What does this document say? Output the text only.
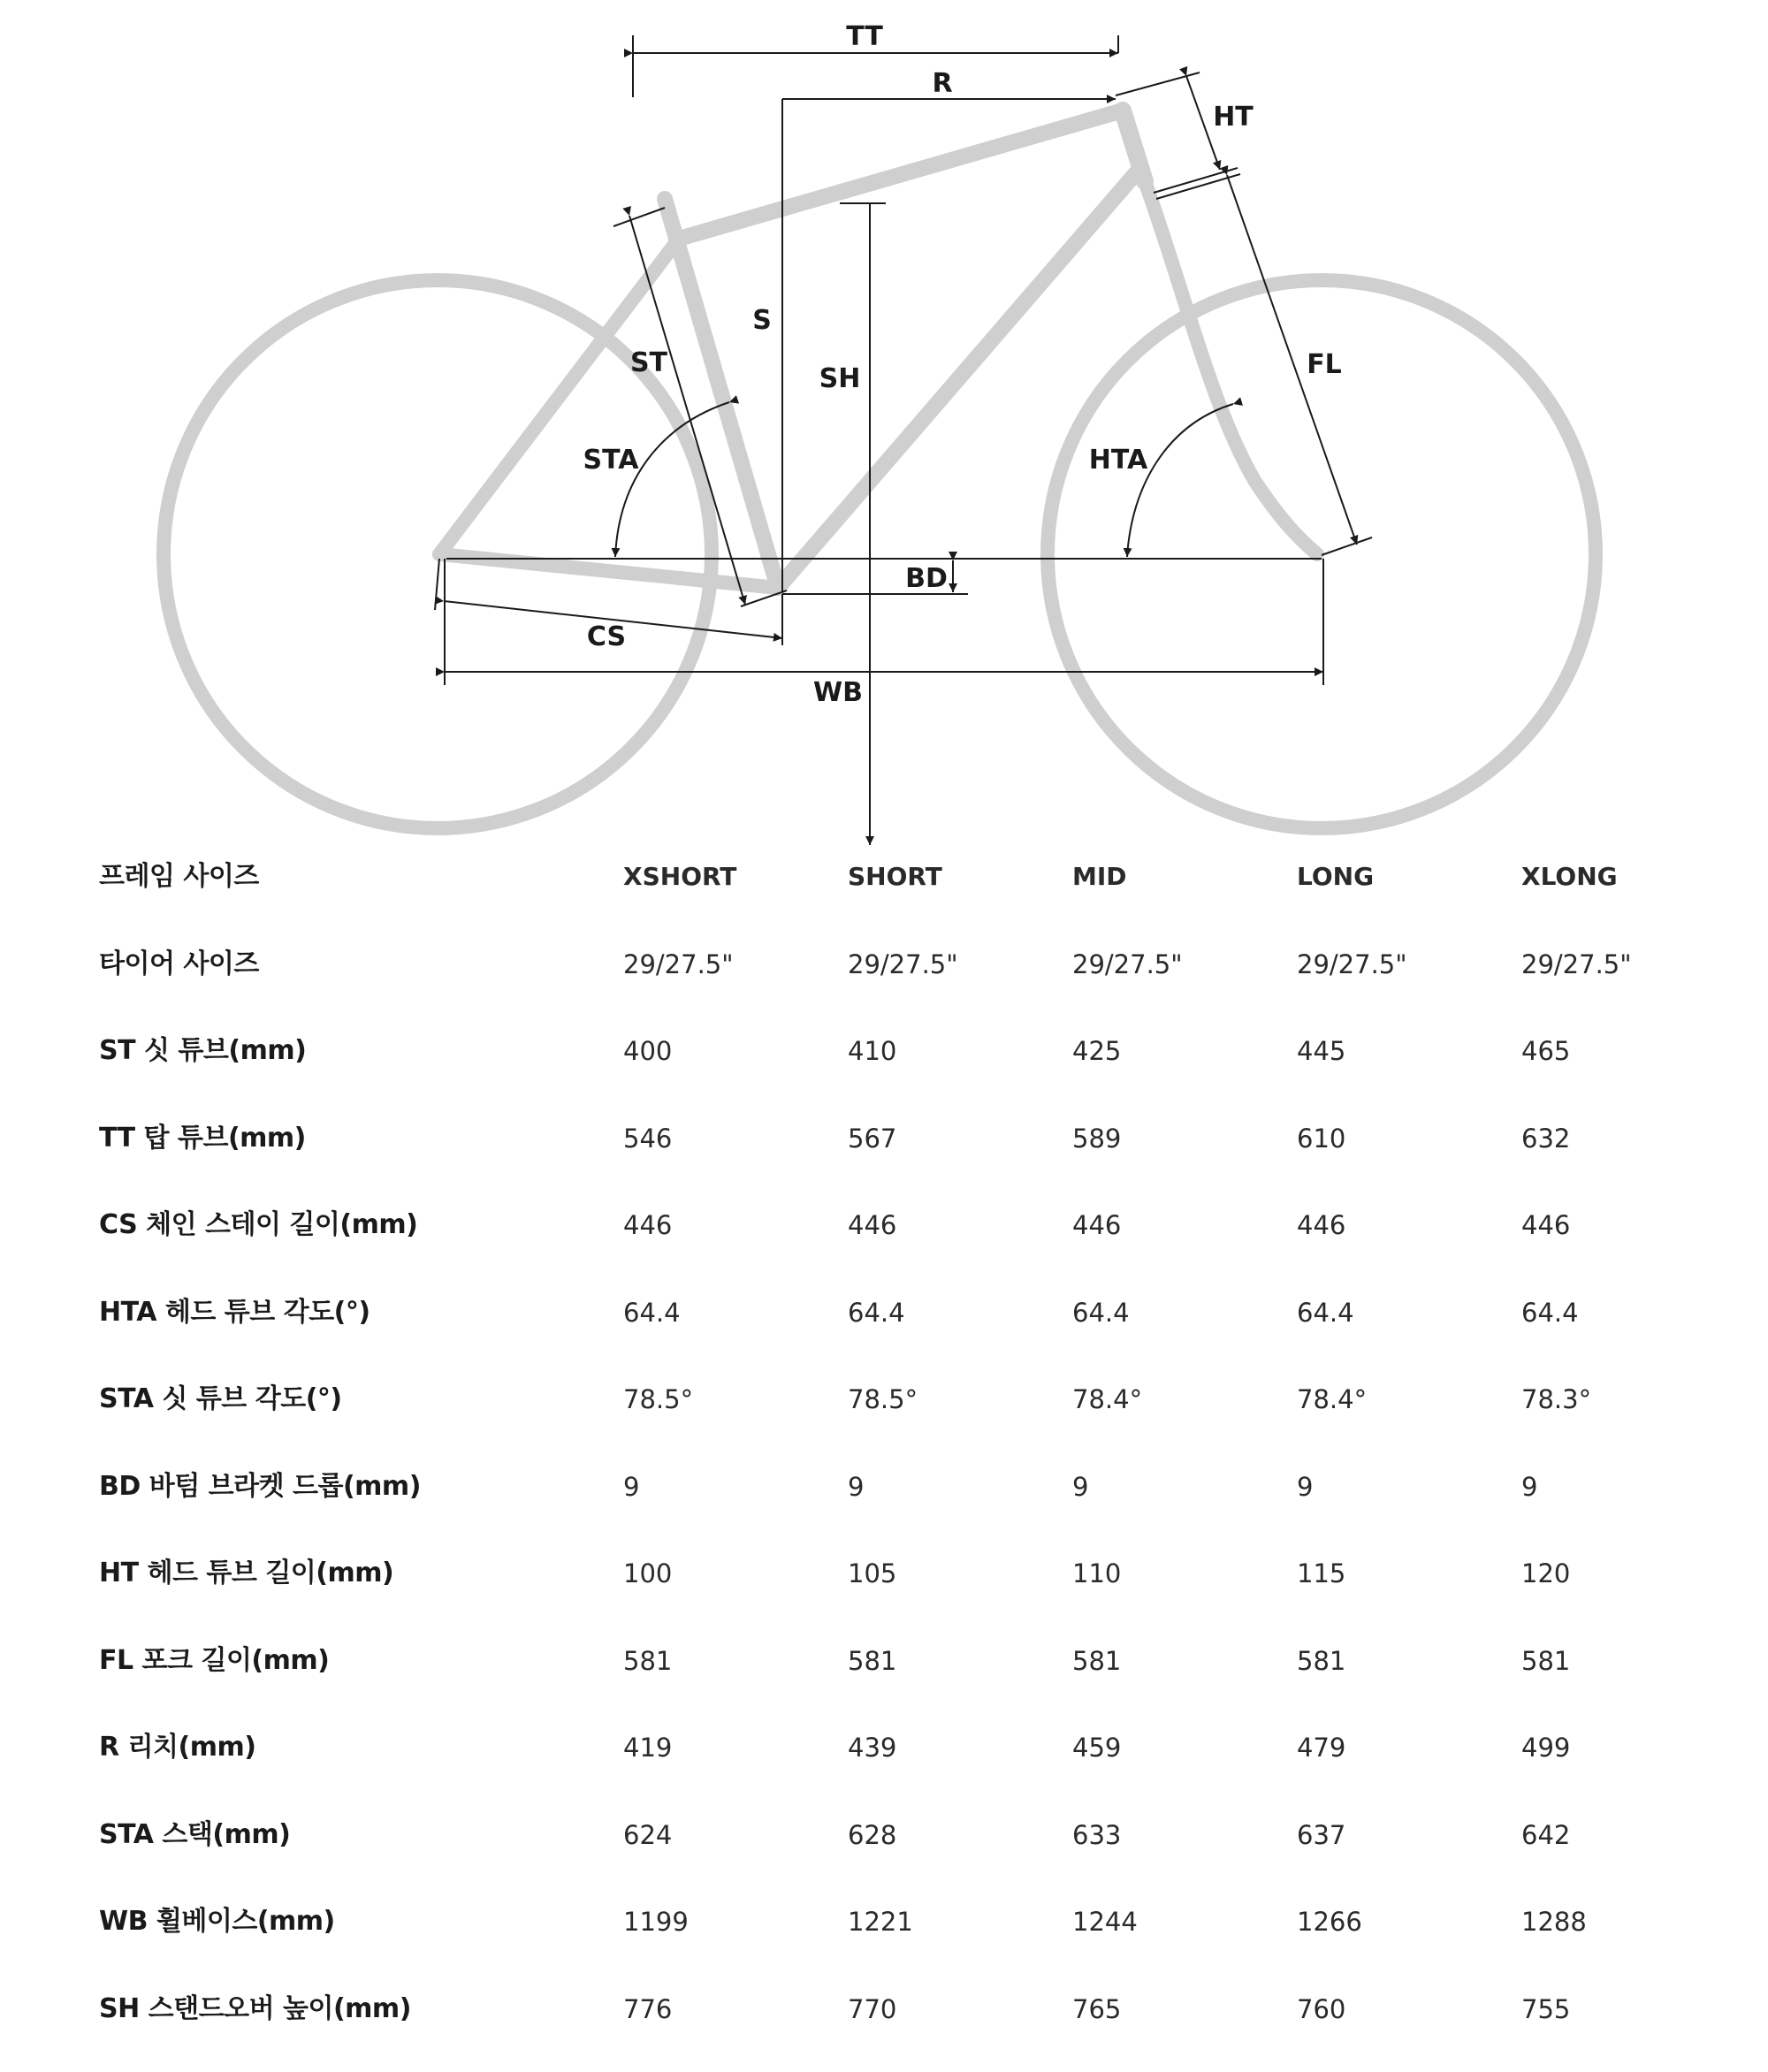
TT
R
HT
S
SH
ST
STA	HTA
FL
BD
CS
WB
프레임 사이즈	XSHORT	SHORT	MID	LONG	XLONG
타이어 사이즈	29/27.5"	29/27.5"	29/27.5"	29/27.5"	29/27.5"
ST 싯 튜브(mm)	400	410	425	445	465
TT 탑 튜브(mm)	546	567	589	610	632
CS 체인 스테이 길이(mm)	446	446	446	446	446
HTA 헤드 튜브 각도(°)	64.4	64.4	64.4	64.4	64.4
STA 싯 튜브 각도(°)	78.5°	78.5°	78.4°	78.4°	78.3°
BD 바텀 브라켓 드롭(mm)	9	9	9	9	9
HT 헤드 튜브 길이(mm)	100	105	110	115	120
FL 포크 길이(mm)	581	581	581	581	581
R 리치(mm)	419	439	459	479	499
STA 스택(mm)	624	628	633	637	642
WB 휠베이스(mm)	1199	1221	1244	1266	1288
SH 스탠드오버 높이(mm)	776	770	765	760	755
